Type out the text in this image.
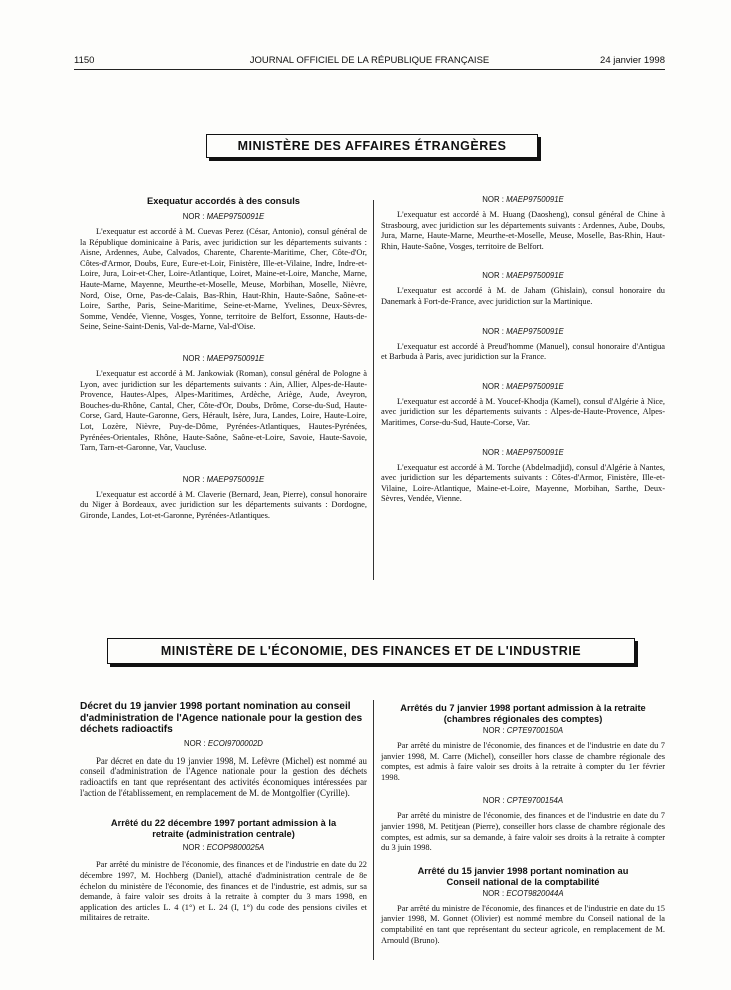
1150	JOURNAL OFFICIEL DE LA RÉPUBLIQUE FRANÇAISE	24 janvier 1998
MINISTÈRE DES AFFAIRES ÉTRANGÈRES

Exequatur accordés à des consuls

NOR : MAEP9750091E

L'exequatur est accordé à M. Cuevas Perez (César, Antonio), consul général de la République dominicaine à Paris, avec juridiction sur les départements suivants : Aisne, Ardennes, Aube, Calvados, Charente, Charente-Maritime, Cher, Côte-d'Or, Côtes-d'Armor, Doubs, Eure, Eure-et-Loir, Finistère, Ille-et-Vilaine, Indre, Indre-et-Loire, Jura, Loir-et-Cher, Loire-Atlantique, Loiret, Maine-et-Loire, Manche, Marne, Haute-Marne, Mayenne, Meurthe-et-Moselle, Meuse, Morbihan, Moselle, Nièvre, Nord, Oise, Orne, Pas-de-Calais, Bas-Rhin, Haut-Rhin, Haute-Saône, Saône-et-Loire, Sarthe, Paris, Seine-Maritime, Seine-et-Marne, Yvelines, Deux-Sèvres, Somme, Vendée, Vienne, Vosges, Yonne, territoire de Belfort, Essonne, Hauts-de-Seine, Seine-Saint-Denis, Val-de-Marne, Val-d'Oise.

NOR : MAEP9750091E

L'exequatur est accordé à M. Jankowiak (Roman), consul général de Pologne à Lyon, avec juridiction sur les départements suivants : Ain, Allier, Alpes-de-Haute-Provence, Hautes-Alpes, Alpes-Maritimes, Ardèche, Ariège, Aude, Aveyron, Bouches-du-Rhône, Cantal, Cher, Côte-d'Or, Doubs, Drôme, Corse-du-Sud, Haute-Corse, Gard, Haute-Garonne, Gers, Hérault, Isère, Jura, Landes, Loire, Haute-Loire, Lot, Lozère, Nièvre, Puy-de-Dôme, Pyrénées-Atlantiques, Hautes-Pyrénées, Pyrénées-Orientales, Rhône, Haute-Saône, Saône-et-Loire, Savoie, Haute-Savoie, Tarn, Tarn-et-Garonne, Var, Vaucluse.

NOR : MAEP9750091E

L'exequatur est accordé à M. Claverie (Bernard, Jean, Pierre), consul honoraire du Niger à Bordeaux, avec juridiction sur les départements suivants : Dordogne, Gironde, Landes, Lot-et-Garonne, Pyrénées-Atlantiques.

NOR : MAEP9750091E

L'exequatur est accordé à M. Huang (Daosheng), consul général de Chine à Strasbourg, avec juridiction sur les départements suivants : Ardennes, Aube, Doubs, Jura, Marne, Haute-Marne, Meurthe-et-Moselle, Meuse, Moselle, Bas-Rhin, Haut-Rhin, Haute-Saône, Vosges, territoire de Belfort.

NOR : MAEP9750091E

L'exequatur est accordé à M. de Jaham (Ghislain), consul honoraire du Danemark à Fort-de-France, avec juridiction sur la Martinique.

NOR : MAEP9750091E

L'exequatur est accordé à Preud'homme (Manuel), consul honoraire d'Antigua et Barbuda à Paris, avec juridiction sur la France.

NOR : MAEP9750091E

L'exequatur est accordé à M. Youcef-Khodja (Kamel), consul d'Algérie à Nice, avec juridiction sur les départements suivants : Alpes-de-Haute-Provence, Alpes-Maritimes, Corse-du-Sud, Haute-Corse, Var.

NOR : MAEP9750091E

L'exequatur est accordé à M. Torche (Abdelmadjid), consul d'Algérie à Nantes, avec juridiction sur les départements suivants : Côtes-d'Armor, Finistère, Ille-et-Vilaine, Loire-Atlantique, Maine-et-Loire, Mayenne, Morbihan, Sarthe, Deux-Sèvres, Vendée, Vienne.

MINISTÈRE DE L'ÉCONOMIE, DES FINANCES ET DE L'INDUSTRIE

Décret du 19 janvier 1998 portant nomination au conseil d'administration de l'Agence nationale pour la gestion des déchets radioactifs

NOR : ECOI9700002D

Par décret en date du 19 janvier 1998, M. Lefèvre (Michel) est nommé au conseil d'administration de l'Agence nationale pour la gestion des déchets radioactifs en tant que représentant des activités économiques intéressées par l'action de l'établissement, en remplacement de M. de Montgolfier (Cyrille).

Arrêté du 22 décembre 1997 portant admission à la retraite (administration centrale)

NOR : ECOP9800025A

Par arrêté du ministre de l'économie, des finances et de l'industrie en date du 22 décembre 1997, M. Hochberg (Daniel), attaché d'administration centrale de 8e échelon du ministère de l'économie, des finances et de l'industrie, est admis, sur sa demande, à faire valoir ses droits à la retraite à compter du 3 mars 1998, en application des articles L. 4 (1°) et L. 24 (I, 1°) du code des pensions civiles et militaires de retraite.

Arrêtés du 7 janvier 1998 portant admission à la retraite (chambres régionales des comptes)

NOR : CPTE9700150A

Par arrêté du ministre de l'économie, des finances et de l'industrie en date du 7 janvier 1998, M. Carre (Michel), conseiller hors classe de chambre régionale des comptes, est admis à faire valoir ses droits à la retraite à compter du 1er février 1998.

NOR : CPTE9700154A

Par arrêté du ministre de l'économie, des finances et de l'industrie en date du 7 janvier 1998, M. Petitjean (Pierre), conseiller hors classe de chambre régionale des comptes, est admis, sur sa demande, à faire valoir ses droits à la retraite à compter du 3 juin 1998.

Arrêté du 15 janvier 1998 portant nomination au Conseil national de la comptabilité

NOR : ECOT9820044A

Par arrêté du ministre de l'économie, des finances et de l'industrie en date du 15 janvier 1998, M. Gonnet (Olivier) est nommé membre du Conseil national de la comptabilité en tant que représentant du secteur agricole, en remplacement de M. Arnould (Bruno).
